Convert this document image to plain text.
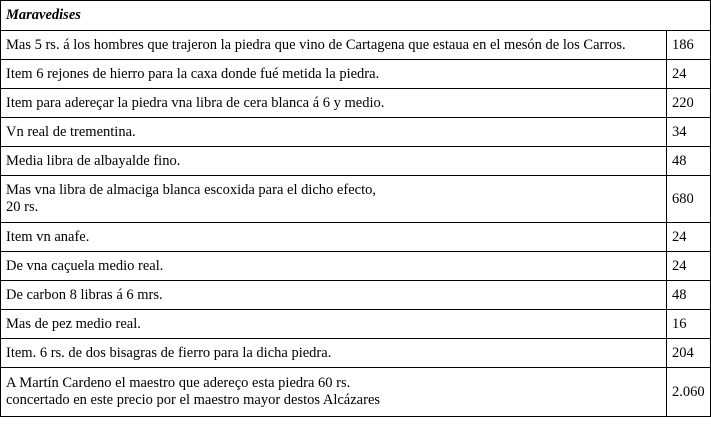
Maravedises	
Mas 5 rs. á los hombres que trajeron la piedra que vino de Cartagena que estaua en el mesón de los Carros.	186
Item 6 rejones de hierro para la caxa donde fué metida la piedra.	24
Item para adereçar la piedra vna libra de cera blanca á 6 y medio.	220
Vn real de trementina.	34
Media libra de albayalde fino.	48

Mas vna libra de almaciga blanca escoxida para el dicho efecto,
20 rs.	680
Item vn anafe.	24
De vna caçuela medio real.	24
De carbon 8 libras á 6 mrs.	48
Mas de pez medio real.	16
Item. 6 rs. de dos bisagras de fierro para la dicha piedra.	204

A Martín Cardeno el maestro que adereço esta piedra 60 rs.
concertado en este precio por el maestro mayor destos Alcázares	2.060
